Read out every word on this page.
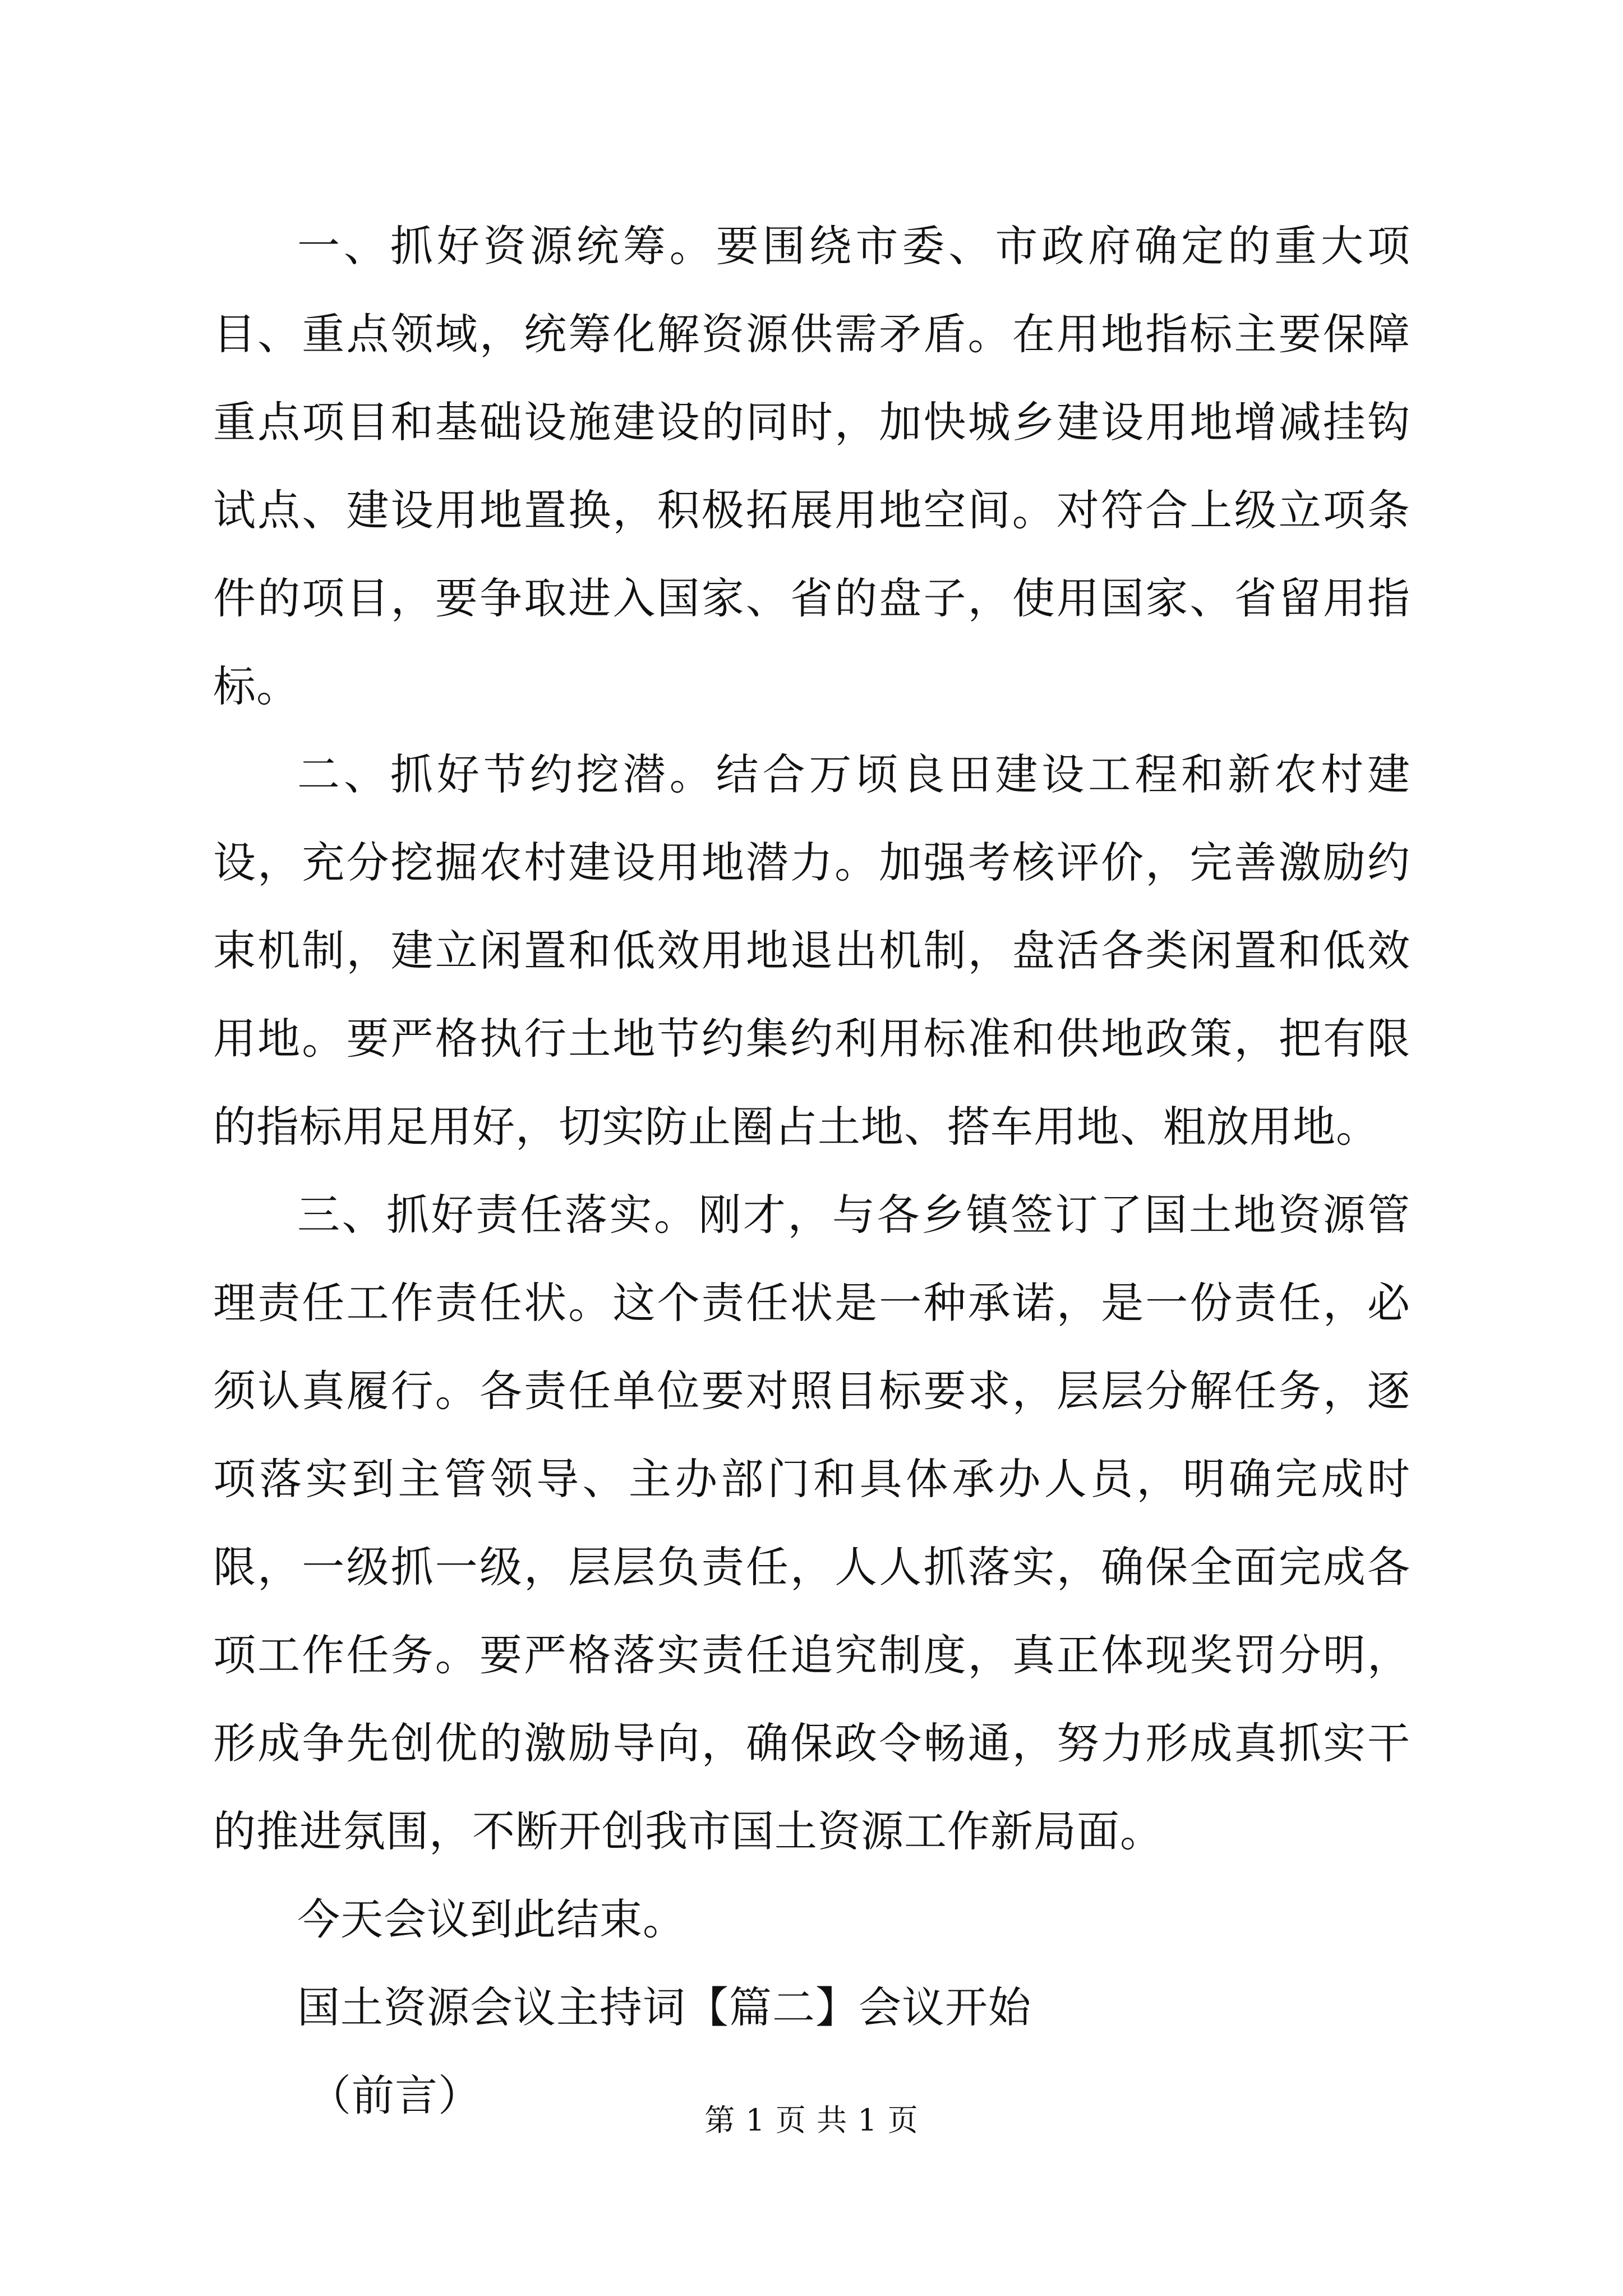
一、抓好资源统筹。要围绕市委、市政府确定的重大项目、重点领域，统筹化解资源供需矛盾。在用地指标主要保障重点项目和基础设施建设的同时，加快城乡建设用地增减挂钩试点、建设用地置换，积极拓展用地空间。对符合上级立项条件的项目，要争取进入国家、省的盘子，使用国家、省留用指标。

二、抓好节约挖潜。结合万顷良田建设工程和新农村建设，充分挖掘农村建设用地潜力。加强考核评价，完善激励约束机制，建立闲置和低效用地退出机制，盘活各类闲置和低效用地。要严格执行土地节约集约利用标准和供地政策，把有限的指标用足用好，切实防止圈占土地、搭车用地、粗放用地。

三、抓好责任落实。刚才，与各乡镇签订了国土地资源管理责任工作责任状。这个责任状是一种承诺，是一份责任，必须认真履行。各责任单位要对照目标要求，层层分解任务，逐项落实到主管领导、主办部门和具体承办人员，明确完成时限，一级抓一级，层层负责任，人人抓落实，确保全面完成各项工作任务。要严格落实责任追究制度，真正体现奖罚分明，形成争先创优的激励导向，确保政令畅通，努力形成真抓实干的推进氛围，不断开创我市国土资源工作新局面。

今天会议到此结束。

国土资源会议主持词【篇二】会议开始

（前言）	第 1 页 共 1 页
